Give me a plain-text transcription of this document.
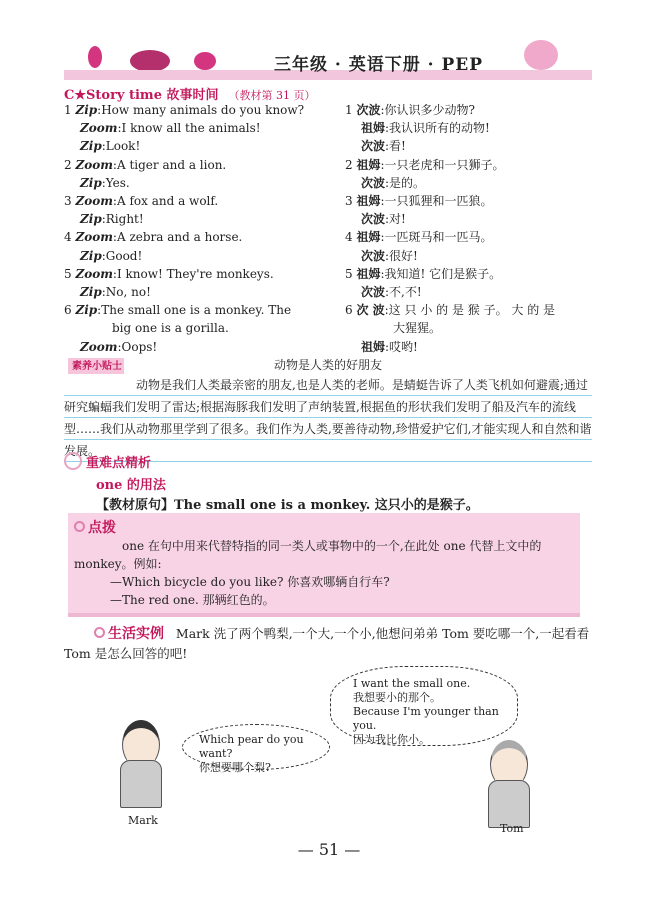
三年级 · 英语下册 · PEP
C★Story time 故事时间 （教材第 31 页）
1 Zip:How many animals do you know?
Zoom:I know all the animals!
Zip:Look!
2 Zoom:A tiger and a lion.
Zip:Yes.
3 Zoom:A fox and a wolf.
Zip:Right!
4 Zoom:A zebra and a horse.
Zip:Good!
5 Zoom:I know! They're monkeys.
Zip:No, no!
6 Zip:The small one is a monkey. The
big one is a gorilla.
Zoom:Oops!
1 次波:你认识多少动物?
祖姆:我认识所有的动物!
次波:看!
2 祖姆:一只老虎和一只狮子。
次波:是的。
3 祖姆:一只狐狸和一匹狼。
次波:对!
4 祖姆:一匹斑马和一匹马。
次波:很好!
5 祖姆:我知道! 它们是猴子。
次波:不,不!
6 次 波:这 只 小 的 是 猴 子。 大 的 是
大猩猩。
祖姆:哎哟!
动物是人类的好朋友
素养小贴士
动物是我们人类最亲密的朋友,也是人类的老师。是蜻蜓告诉了人类飞机如何避震;通过研究蝙蝠我们发明了雷达;根据海豚我们发明了声纳装置,根据鱼的形状我们发明了船及汽车的流线型……我们从动物那里学到了很多。我们作为人类,要善待动物,珍惜爱护它们,才能实现人和自然和谐发展。
重难点精析
one 的用法
【教材原句】The small one is a monkey. 这只小的是猴子。
点拨
one 在句中用来代替特指的同一类人或事物中的一个,在此处 one 代替上文中的 monkey。例如:
—Which bicycle do you like? 你喜欢哪辆自行车?
—The red one. 那辆红色的。
生活实例 Mark 洗了两个鸭梨,一个大,一个小,他想问弟弟 Tom 要吃哪一个,一起看看 Tom 是怎么回答的吧!
Mark
Which pear do you want?
你想要哪个梨?
I want the small one.
我想要小的那个。
Because I'm younger than you.
因为我比你小。
Tom
— 51 —
